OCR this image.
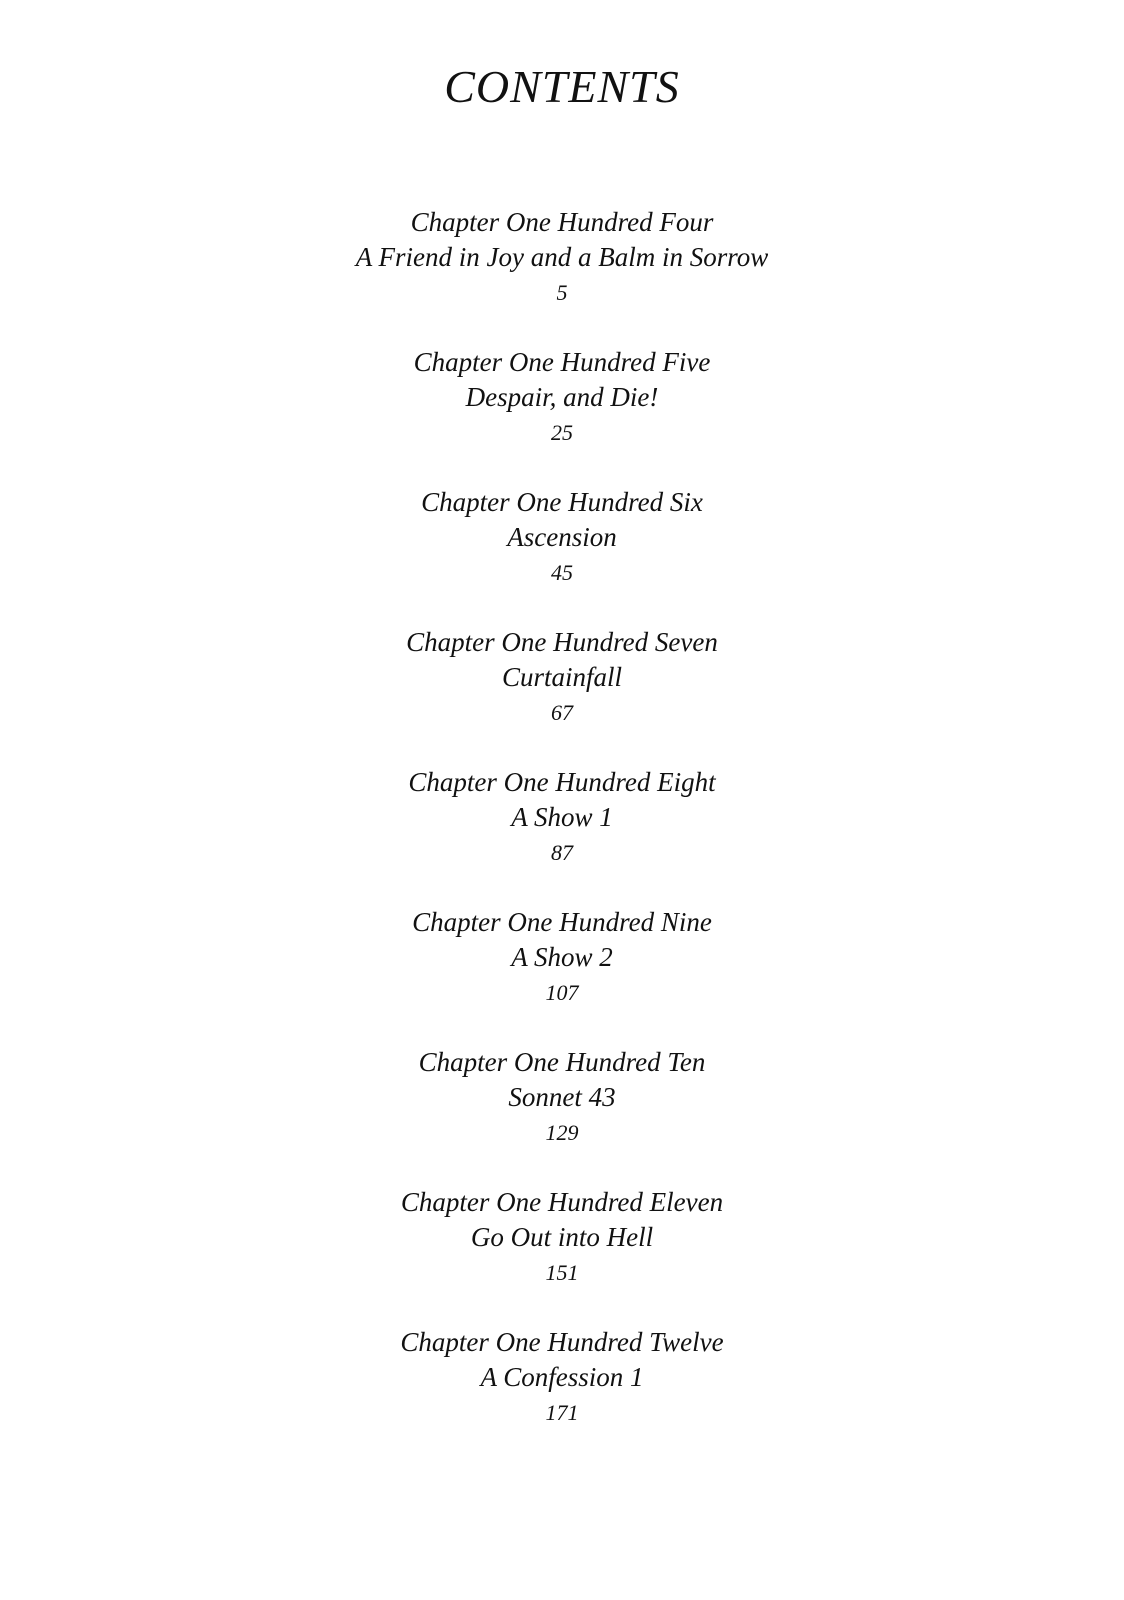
CONTENTS
Chapter One Hundred Four
A Friend in Joy and a Balm in Sorrow
5
Chapter One Hundred Five
Despair, and Die!
25
Chapter One Hundred Six
Ascension
45
Chapter One Hundred Seven
Curtainfall
67
Chapter One Hundred Eight
A Show 1
87
Chapter One Hundred Nine
A Show 2
107
Chapter One Hundred Ten
Sonnet 43
129
Chapter One Hundred Eleven
Go Out into Hell
151
Chapter One Hundred Twelve
A Confession 1
171
